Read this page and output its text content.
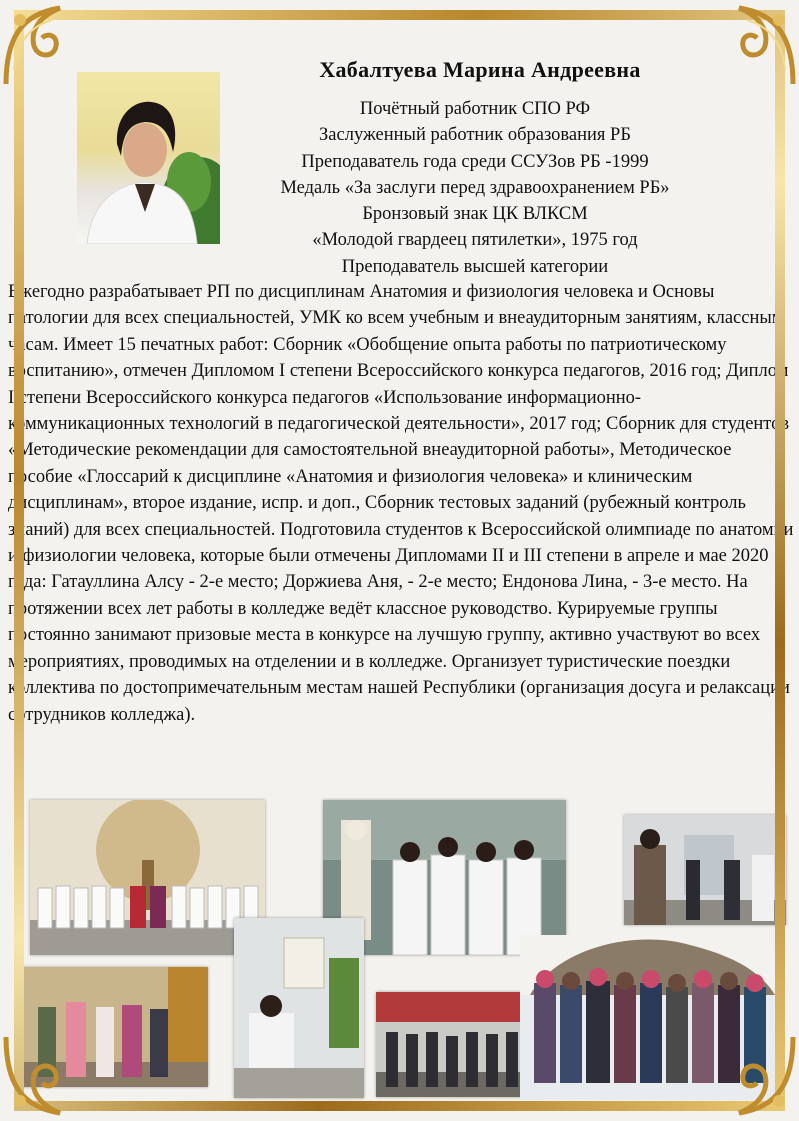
Хабалтуева Марина Андреевна
Почётный работник СПО РФ
Заслуженный работник образования РБ
Преподаватель года среди ССУЗов РБ -1999
Медаль «За заслуги перед здравоохранением РБ»
Бронзовый знак ЦК ВЛКСМ
«Молодой гвардеец пятилетки», 1975 год
Преподаватель высшей категории

Ежегодно разрабатывает РП по дисциплинам Анатомия и физиология человека и Основы патологии для всех специальностей, УМК ко всем учебным и внеаудиторным занятиям, классным часам. Имеет 15 печатных работ: Сборник «Обобщение опыта работы по патриотическому воспитанию», отмечен Дипломом I степени Всероссийского конкурса педагогов, 2016 год; Диплом I степени Всероссийского конкурса педагогов «Использование информационно-коммуникационных технологий в педагогической деятельности», 2017 год; Сборник для студентов «Методические рекомендации для самостоятельной внеаудиторной работы», Методическое пособие «Глоссарий к дисциплине «Анатомия и физиология человека» и клиническим дисциплинам», второе издание, испр. и доп., Сборник тестовых заданий (рубежный контроль знаний) для всех специальностей. Подготовила студентов к Всероссийской олимпиаде по анатомии и физиологии человека, которые были отмечены Дипломами II и III степени в апреле и мае 2020 года: Гатауллина Алсу - 2-е место; Доржиева Аня, - 2-е место; Ендонова Лина, - 3-е место. На протяжении всех лет работы в колледже ведёт классное руководство. Курируемые группы постоянно занимают призовые места в конкурсе на лучшую группу, активно участвуют во всех мероприятиях, проводимых на отделении и в колледже. Организует туристические поездки коллектива по достопримечательным местам нашей Республики (организация досуга и релаксации сотрудников колледжа).
